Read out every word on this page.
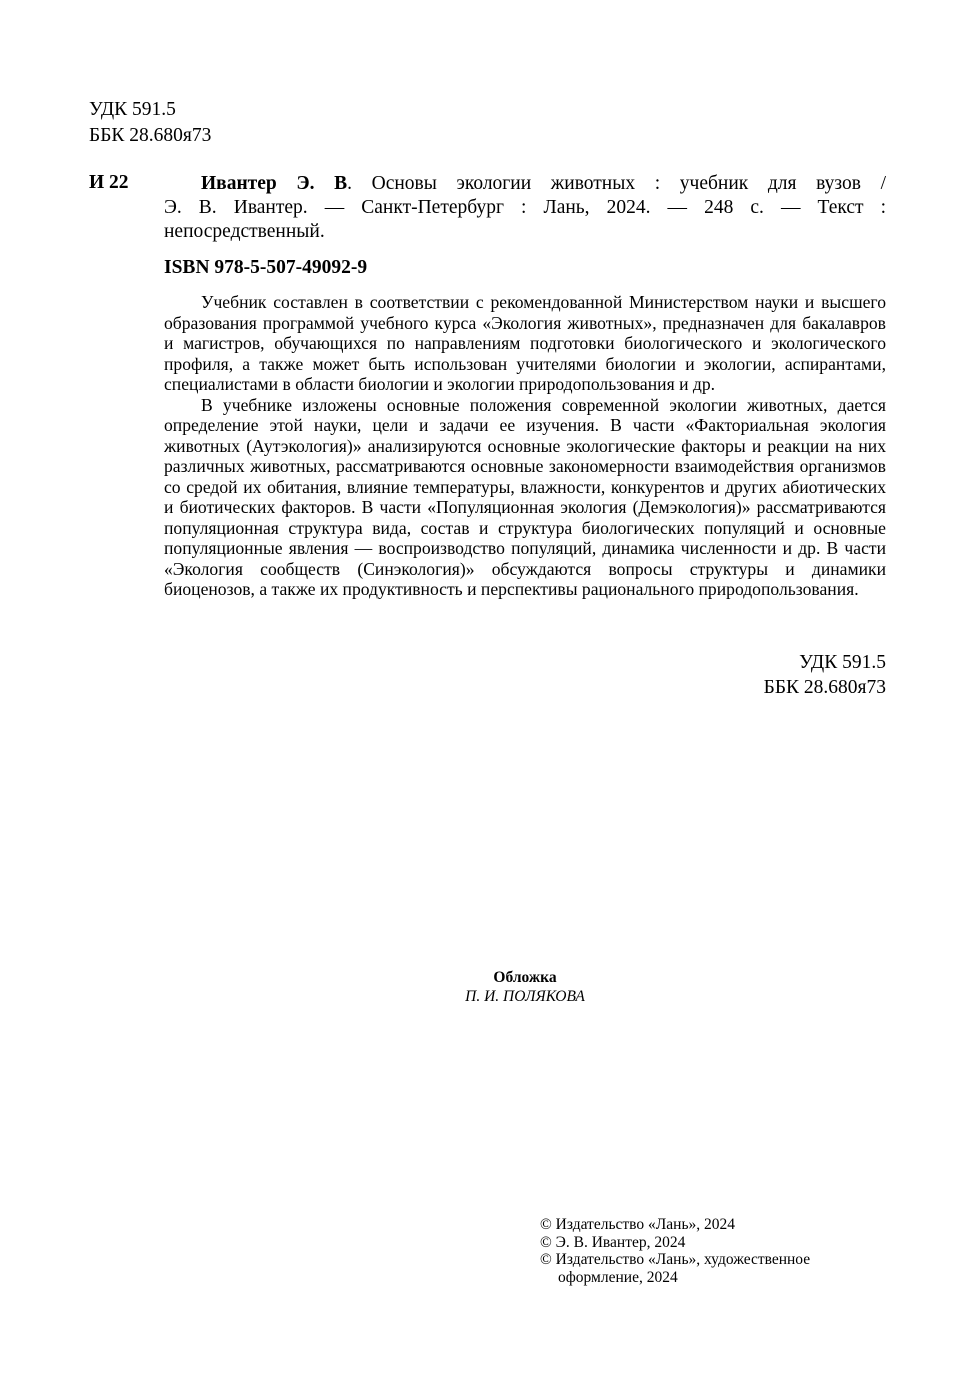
УДК 591.5
ББК 28.680я73
И 22	Ивантер Э. В. Основы экологии животных : учебник для вузов /
Э. В. Ивантер. — Санкт-Петербург : Лань, 2024. — 248 с. — Текст :
непосредственный.
ISBN 978-5-507-49092-9

Учебник составлен в соответствии с рекомендованной Министерством науки и высшего образования программой учебного курса «Экология животных», предназначен для бакалавров и магистров, обучающихся по направлениям подготовки биологического и экологического профиля, а также может быть использован учителями биологии и экологии, аспирантами, специалистами в области биологии и экологии природопользования и др.

В учебнике изложены основные положения современной экологии животных, дается определение этой науки, цели и задачи ее изучения. В части «Факториальная экология животных (Аутэкология)» анализируются основные экологические факторы и реакции на них различных животных, рассматриваются основные закономерности взаимодействия организмов со средой их обитания, влияние температуры, влажности, конкурентов и других абиотических и биотических факторов. В части «Популяционная экология (Демэкология)» рассматриваются популяционная структура вида, состав и структура биологических популяций и основные популяционные явления — воспроизводство популяций, динамика численности и др. В части «Экология сообществ (Синэкология)» обсуждаются вопросы структуры и динамики биоценозов, а также их продуктивность и перспективы рационального природопользования.

УДК 591.5
ББК 28.680я73
Обложка
П. И. ПОЛЯКОВА
© Издательство «Лань», 2024
© Э. В. Ивантер, 2024
© Издательство «Лань», художественное
оформление, 2024
